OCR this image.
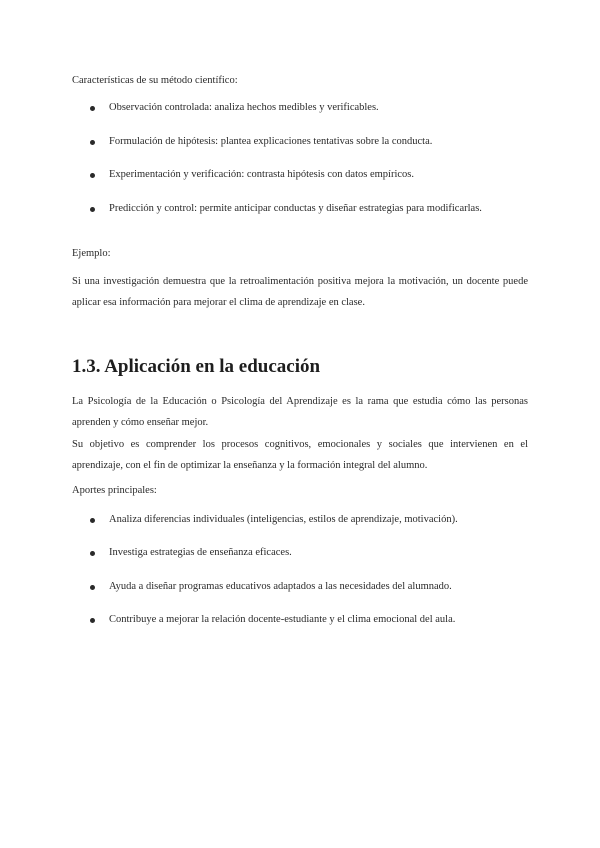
Características de su método científico:

Observación controlada: analiza hechos medibles y verificables.
Formulación de hipótesis: plantea explicaciones tentativas sobre la conducta.
Experimentación y verificación: contrasta hipótesis con datos empíricos.
Predicción y control: permite anticipar conductas y diseñar estrategias para modificarlas.

Ejemplo:

Si una investigación demuestra que la retroalimentación positiva mejora la motivación, un docente puede aplicar esa información para mejorar el clima de aprendizaje en clase.

1.3. Aplicación en la educación

La Psicología de la Educación o Psicología del Aprendizaje es la rama que estudia cómo las personas aprenden y cómo enseñar mejor.

Su objetivo es comprender los procesos cognitivos, emocionales y sociales que intervienen en el aprendizaje, con el fin de optimizar la enseñanza y la formación integral del alumno.

Aportes principales:

Analiza diferencias individuales (inteligencias, estilos de aprendizaje, motivación).
Investiga estrategias de enseñanza eficaces.
Ayuda a diseñar programas educativos adaptados a las necesidades del alumnado.
Contribuye a mejorar la relación docente-estudiante y el clima emocional del aula.
